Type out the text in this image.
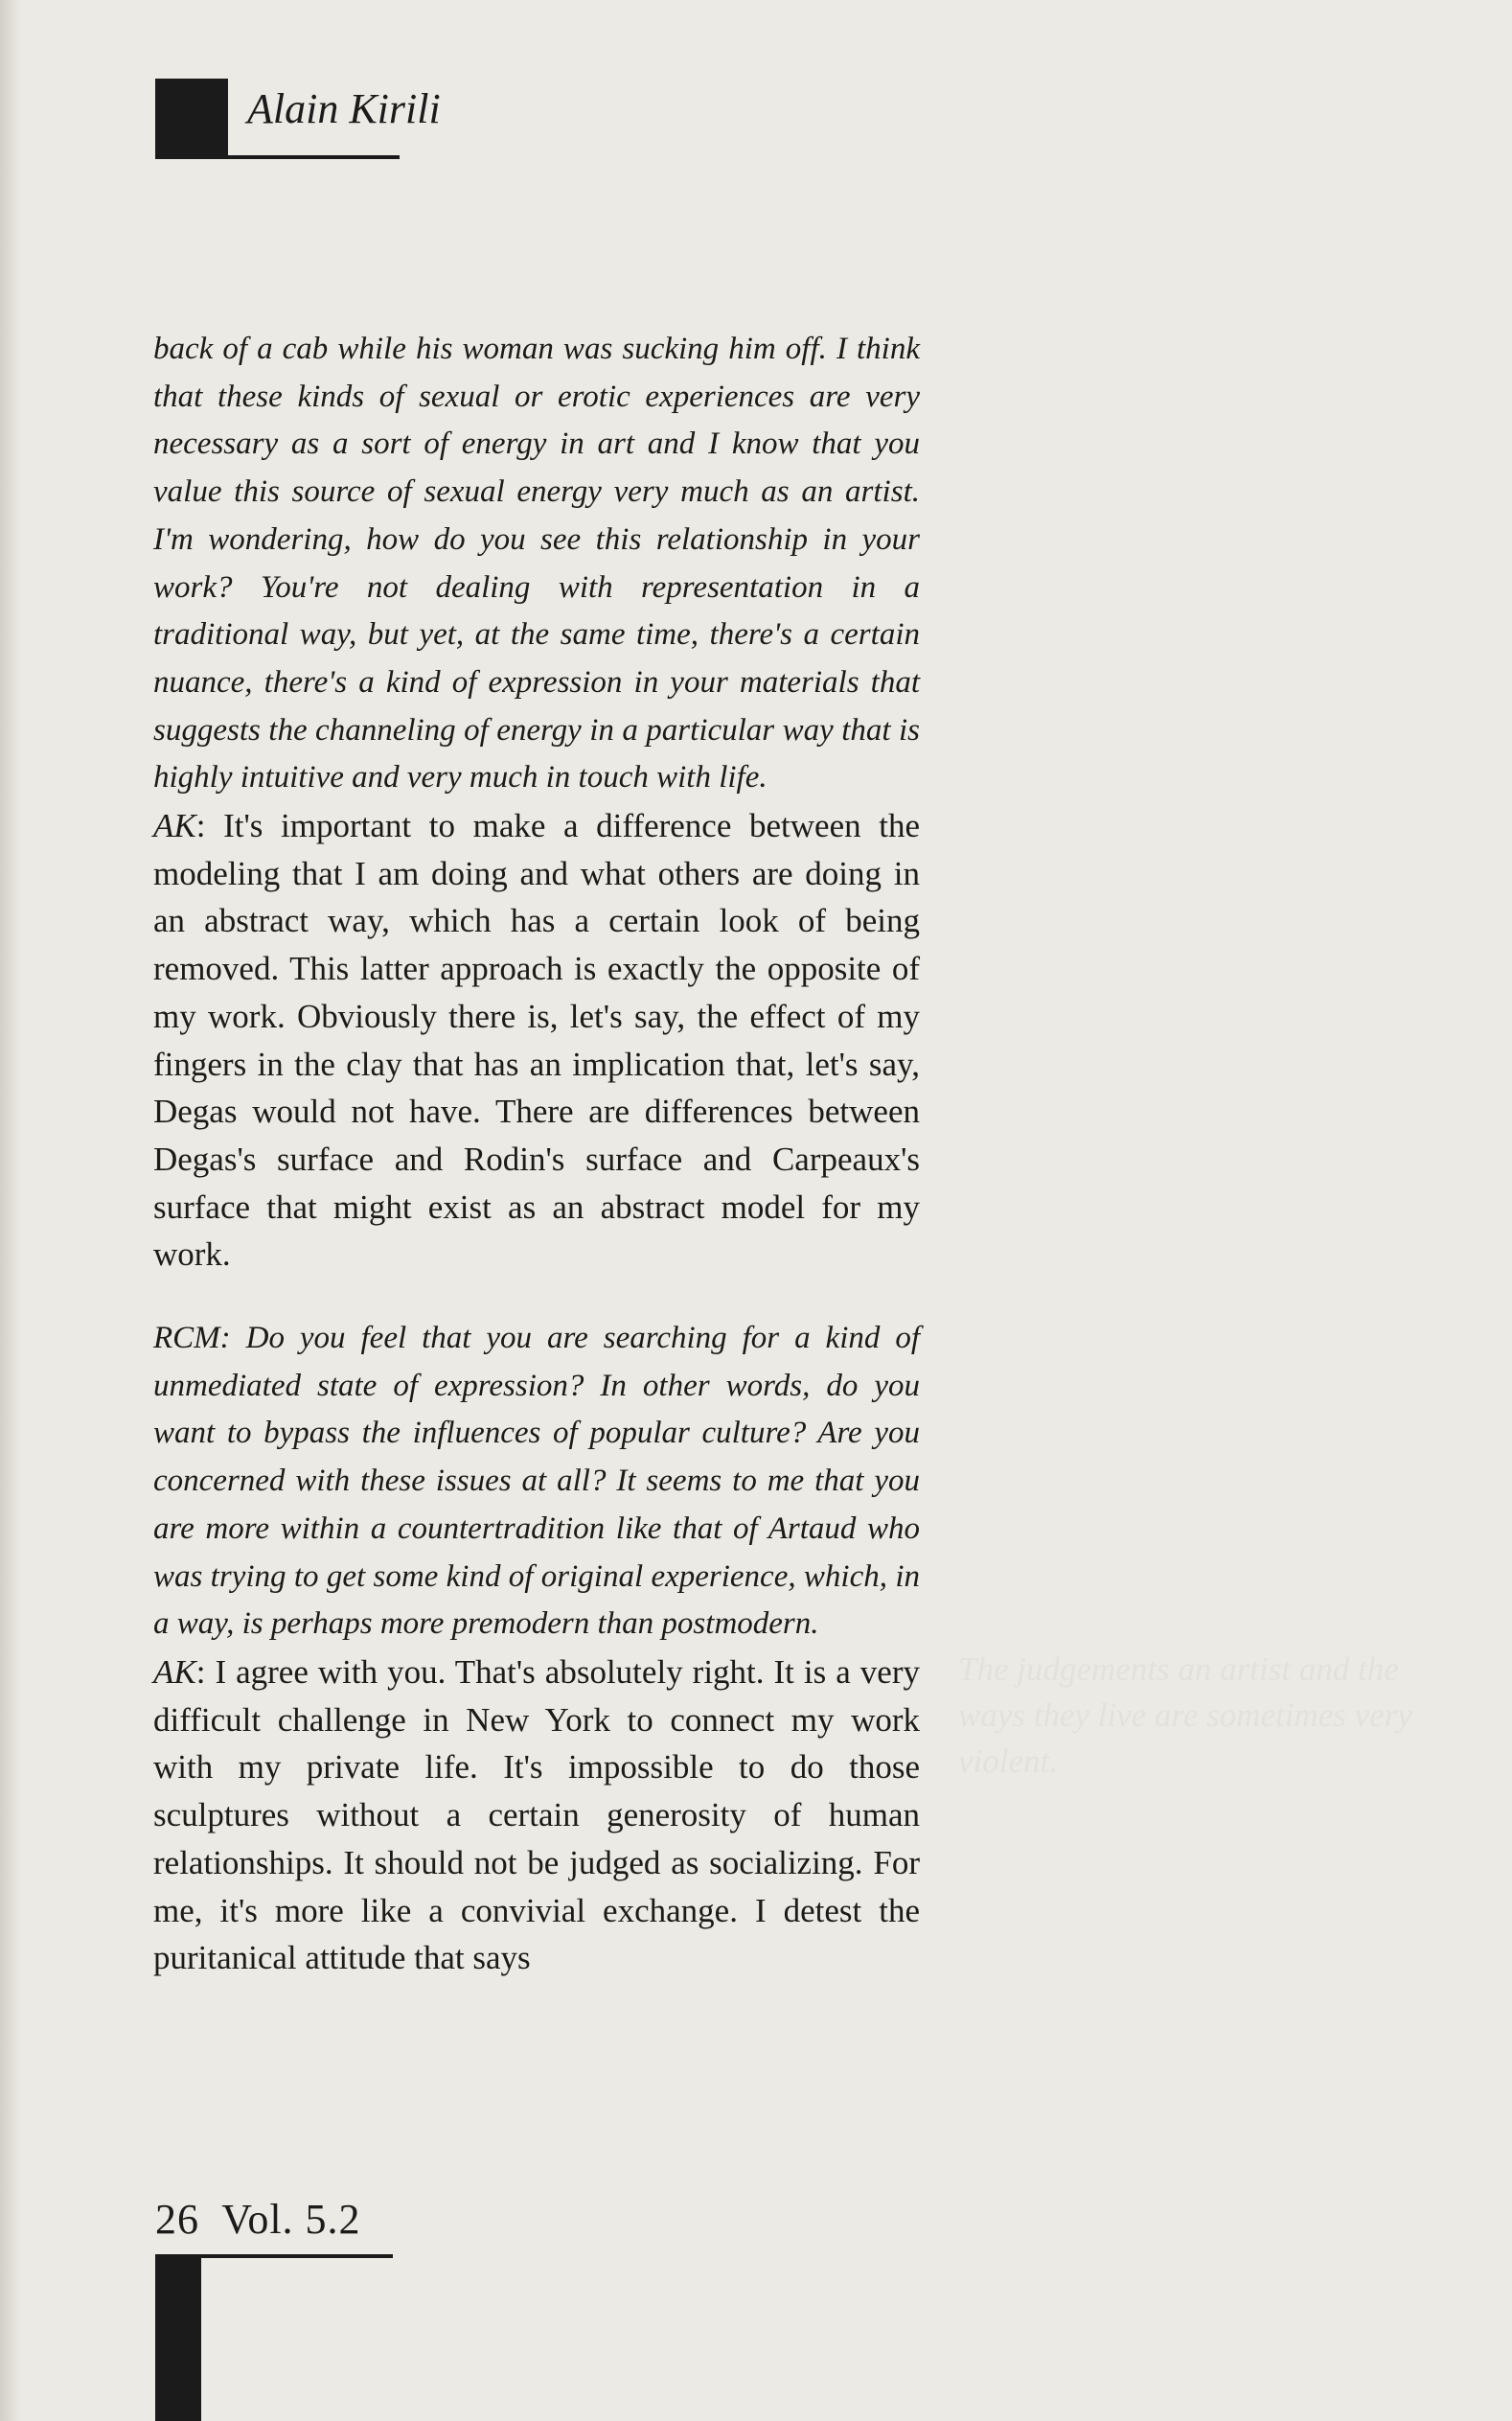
Alain Kirili

back of a cab while his woman was sucking him off. I think that these kinds of sexual or erotic experiences are very necessary as a sort of energy in art and I know that you value this source of sexual energy very much as an artist. I'm wondering, how do you see this relationship in your work? You're not dealing with representation in a traditional way, but yet, at the same time, there's a certain nuance, there's a kind of expression in your materials that suggests the channeling of energy in a particular way that is highly intuitive and very much in touch with life.

AK: It's important to make a difference between the modeling that I am doing and what others are doing in an abstract way, which has a certain look of being removed. This latter approach is exactly the opposite of my work. Obviously there is, let's say, the effect of my fingers in the clay that has an implication that, let's say, Degas would not have. There are differences between Degas's surface and Rodin's surface and Carpeaux's surface that might exist as an abstract model for my work.

RCM: Do you feel that you are searching for a kind of unmediated state of expression? In other words, do you want to bypass the influences of popular culture? Are you concerned with these issues at all? It seems to me that you are more within a countertradition like that of Artaud who was trying to get some kind of original experience, which, in a way, is perhaps more premodern than postmodern.

AK: I agree with you. That's absolutely right. It is a very difficult challenge in New York to connect my work with my private life. It's impossible to do those sculptures without a certain generosity of human relationships. It should not be judged as socializing. For me, it's more like a convivial exchange. I detest the puritanical attitude that says

The judgements an artist and the ways they live are sometimes very violent.
26 Vol. 5.2
